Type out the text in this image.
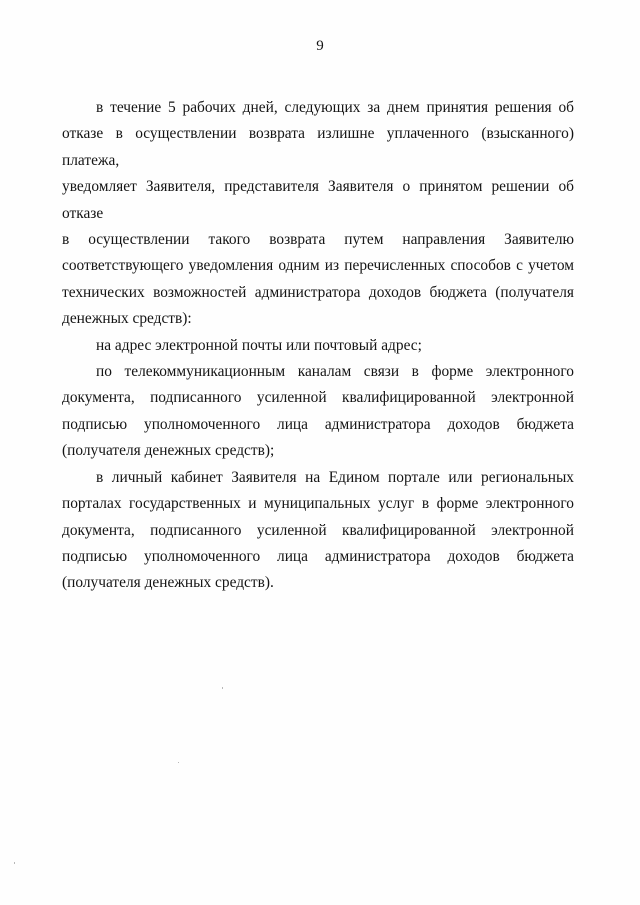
9

в течение 5 рабочих дней, следующих за днем принятия решения об
отказе в осуществлении возврата излишне уплаченного (взысканного) платежа,
уведомляет Заявителя, представителя Заявителя о принятом решении об отказе
в осуществлении такого возврата путем направления Заявителю
соответствующего уведомления одним из перечисленных способов с учетом
технических возможностей администратора доходов бюджета (получателя
денежных средств):

на адрес электронной почты или почтовый адрес;

по телекоммуникационным каналам связи в форме электронного
документа, подписанного усиленной квалифицированной электронной
подписью уполномоченного лица администратора доходов бюджета
(получателя денежных средств);

в личный кабинет Заявителя на Едином портале или региональных
порталах государственных и муниципальных услуг в форме электронного
документа, подписанного усиленной квалифицированной электронной
подписью уполномоченного лица администратора доходов бюджета
(получателя денежных средств).
